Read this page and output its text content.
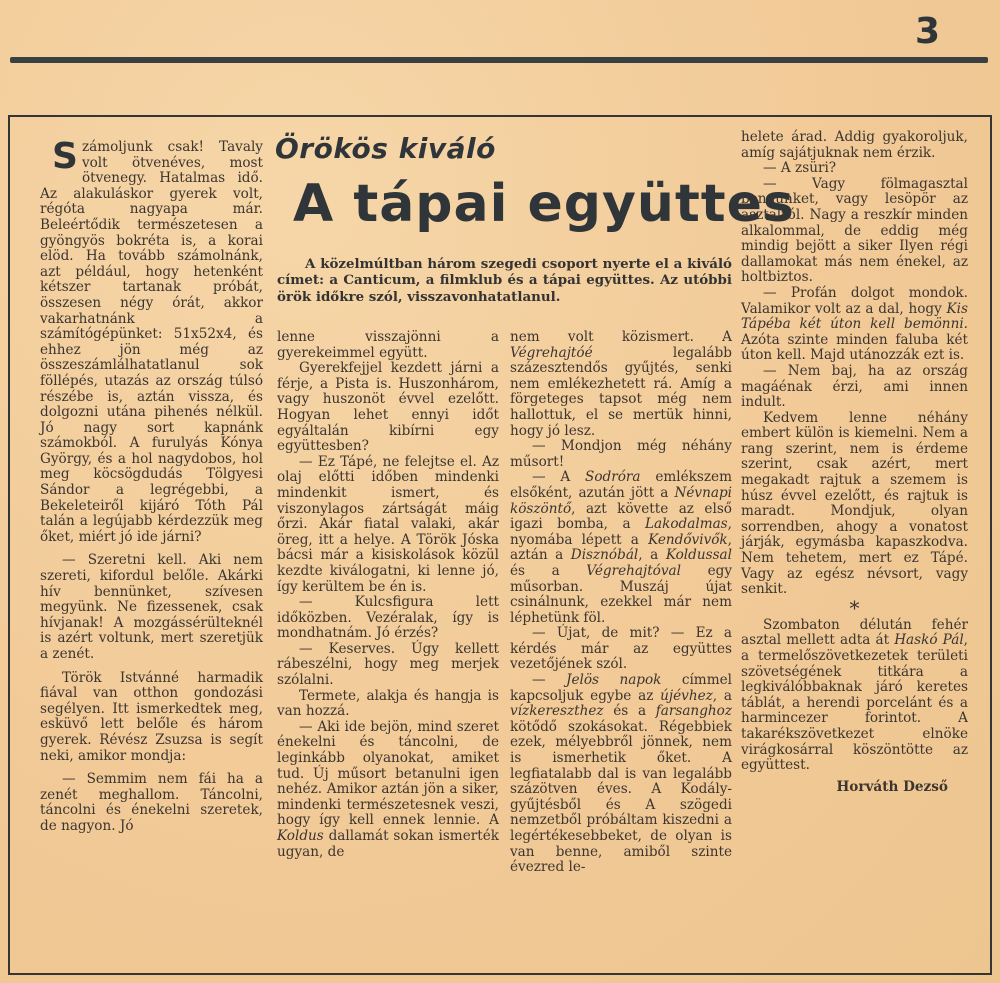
3
Örökös kiváló
A tápai együttes
A közelmúltban három szegedi csoport nyerte el a kiváló címet: a Canticum, a filmklub és a tápai együttes. Az utóbbi örök időkre szól, visszavonhatatlanul.

Számoljunk csak! Tavaly volt ötvenéves, most ötvenegy. Hatalmas idő. Az alakuláskor gyerek volt, régóta nagyapa már. Beleértődik természetesen a gyöngyös bokréta is, a korai elöd. Ha tovább számolnánk, azt például, hogy hetenként kétszer tartanak próbát, összesen négy órát, akkor vakarhatnánk a számítógépünket: 51x52x4, és ehhez jön még az összeszámlálhatatlanul sok föllépés, utazás az ország túlsó részébe is, aztán vissza, és dolgozni utána pihenés nélkül. Jó nagy sort kapnánk számokból. A furulyás Kónya György, és a hol nagydobos, hol meg köcsögdudás Tölgyesi Sándor a legrégebbi, a Bekeleteiről kijáró Tóth Pál talán a legújabb kérdezzük meg őket, miért jó ide járni?

— Szeretni kell. Aki nem szereti, kifordul belőle. Akárki hív bennünket, szívesen megyünk. Ne fizessenek, csak hívjanak! A mozgássérülteknél is azért voltunk, mert szeretjük a zenét.

Török Istvánné harmadik fiával van otthon gondozási segélyen. Itt ismerkedtek meg, esküvő lett belőle és három gyerek. Révész Zsuzsa is segít neki, amikor mondja:

— Semmim nem fái ha a zenét meghallom. Táncolni, táncolni és énekelni szeretek, de nagyon. Jó

lenne visszajönni a gyerekeimmel együtt.

Gyerekfejjel kezdett járni a férje, a Pista is. Huszonhárom, vagy huszonöt évvel ezelőtt. Hogyan lehet ennyi időt egyáltalán kibírni egy együttesben?

— Ez Tápé, ne felejtse el. Az olaj előtti időben mindenki mindenkit ismert, és viszonylagos zártságát máig őrzi. Akár fiatal valaki, akár öreg, itt a helye. A Török Jóska bácsi már a kisiskolások közül kezdte kiválogatni, ki lenne jó, így kerültem be én is.

— Kulcsfigura lett időközben. Vezéralak, így is mondhatnám. Jó érzés?

— Keserves. Úgy kellett rábeszélni, hogy meg merjek szólalni.

Termete, alakja és hangja is van hozzá.

— Aki ide bejön, mind szeret énekelni és táncolni, de leginkább olyanokat, amiket tud. Új műsort betanulni igen nehéz. Amikor aztán jön a siker, mindenki természetesnek veszi, hogy így kell ennek lennie. A Koldus dallamát sokan ismerték ugyan, de

nem volt közismert. A Végrehajtóé legalább százesztendős gyűjtés, senki nem emlékezhetett rá. Amíg a förgeteges tapsot még nem hallottuk, el se mertük hinni, hogy jó lesz.

— Mondjon még néhány műsort!

— A Sodróra emlékszem elsőként, azután jött a Névnapi köszöntő, azt követte az első igazi bomba, a Lakodalmas, nyomába lépett a Kendővivők, aztán a Disznóbál, a Koldussal és a Végrehajtóval egy műsorban. Muszáj újat csinálnunk, ezekkel már nem léphetünk föl.

— Újat, de mit? — Ez a kérdés már az együttes vezetőjének szól.

— Jelös napok címmel kapcsoljuk egybe az újévhez, a vízkereszthez és a farsanghoz kötődő szokásokat. Régebbiek ezek, mélyebbről jönnek, nem is ismerhetik őket. A legfiatalabb dal is van legalább százötven éves. A Kodály-gyűjtésből és A szögedi nemzetből próbáltam kiszedni a legértékesebbeket, de olyan is van benne, amiből szinte évezred le-

helete árad. Addig gyakoroljuk, amíg sajátjuknak nem érzik.

— A zsüri?

— Vagy fölmagasztal bennünket, vagy lesöpör az asztalról. Nagy a reszkír minden alkalommal, de eddig még mindig bejött a siker Ilyen régi dallamokat más nem énekel, az holtbiztos.

— Profán dolgot mondok. Valamikor volt az a dal, hogy Kis Tápéba két úton kell bemönni. Azóta szinte minden faluba két úton kell. Majd utánozzák ezt is.

— Nem baj, ha az ország magáénak érzi, ami innen indult.

Kedvem lenne néhány embert külön is kiemelni. Nem a rang szerint, nem is érdeme szerint, csak azért, mert megakadt rajtuk a szemem is húsz évvel ezelőtt, és rajtuk is maradt. Mondjuk, olyan sorrendben, ahogy a vonatost járják, egymásba kapaszkodva. Nem tehetem, mert ez Tápé. Vagy az egész névsort, vagy senkit.

*

Szombaton délután fehér asztal mellett adta át Haskó Pál, a termelőszövetkezetek területi szövetségének titkára a legkiválóbbaknak járó keretes táblát, a herendi porcelánt és a harmincezer forintot. A takarékszövetkezet elnöke virágkosárral köszöntötte az együttest.

Horváth Dezső
